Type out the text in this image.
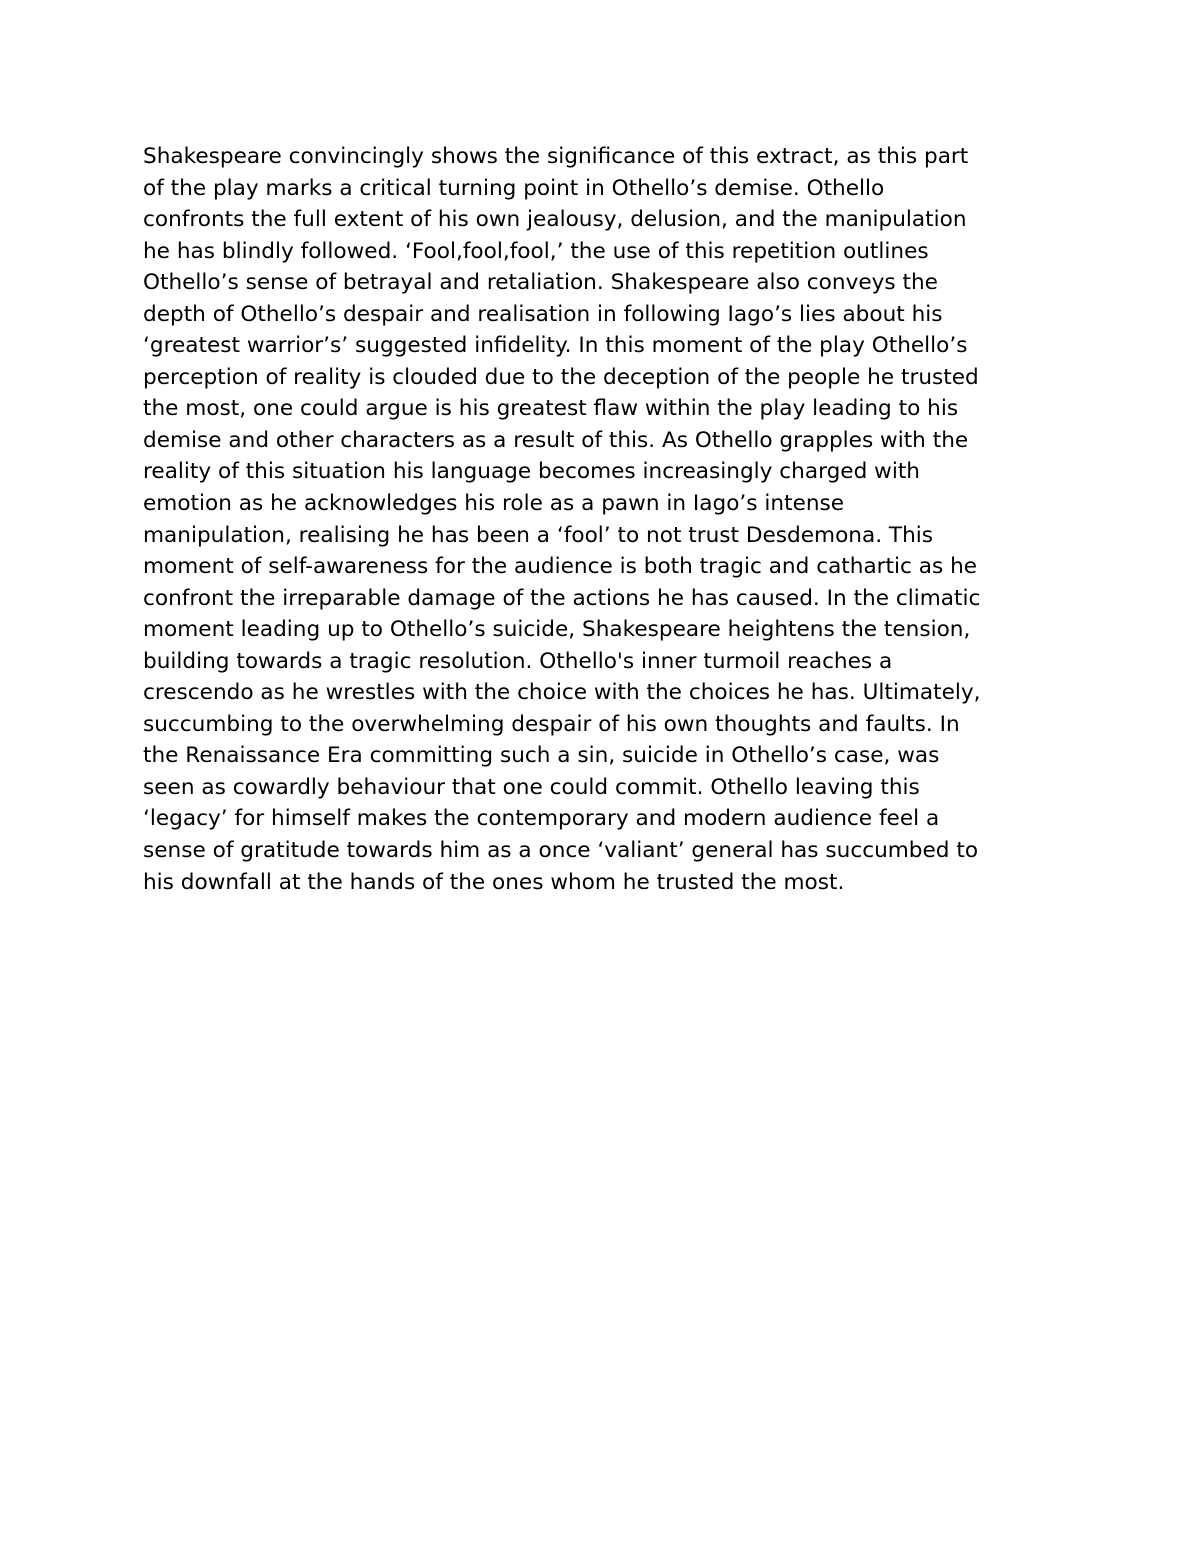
Shakespeare convincingly shows the significance of this extract, as this part
of the play marks a critical turning point in Othello’s demise. Othello
confronts the full extent of his own jealousy, delusion, and the manipulation
he has blindly followed. ‘Fool,fool,fool,’ the use of this repetition outlines
Othello’s sense of betrayal and retaliation. Shakespeare also conveys the
depth of Othello’s despair and realisation in following Iago’s lies about his
‘greatest warrior’s’ suggested infidelity. In this moment of the play Othello’s
perception of reality is clouded due to the deception of the people he trusted
the most, one could argue is his greatest flaw within the play leading to his
demise and other characters as a result of this. As Othello grapples with the
reality of this situation his language becomes increasingly charged with
emotion as he acknowledges his role as a pawn in Iago’s intense
manipulation, realising he has been a ‘fool’ to not trust Desdemona. This
moment of self-awareness for the audience is both tragic and cathartic as he
confront the irreparable damage of the actions he has caused. In the climatic
moment leading up to Othello’s suicide, Shakespeare heightens the tension,
building towards a tragic resolution. Othello's inner turmoil reaches a
crescendo as he wrestles with the choice with the choices he has. Ultimately,
succumbing to the overwhelming despair of his own thoughts and faults. In
the Renaissance Era committing such a sin, suicide in Othello’s case, was
seen as cowardly behaviour that one could commit. Othello leaving this
‘legacy’ for himself makes the contemporary and modern audience feel a
sense of gratitude towards him as a once ‘valiant’ general has succumbed to
his downfall at the hands of the ones whom he trusted the most.
